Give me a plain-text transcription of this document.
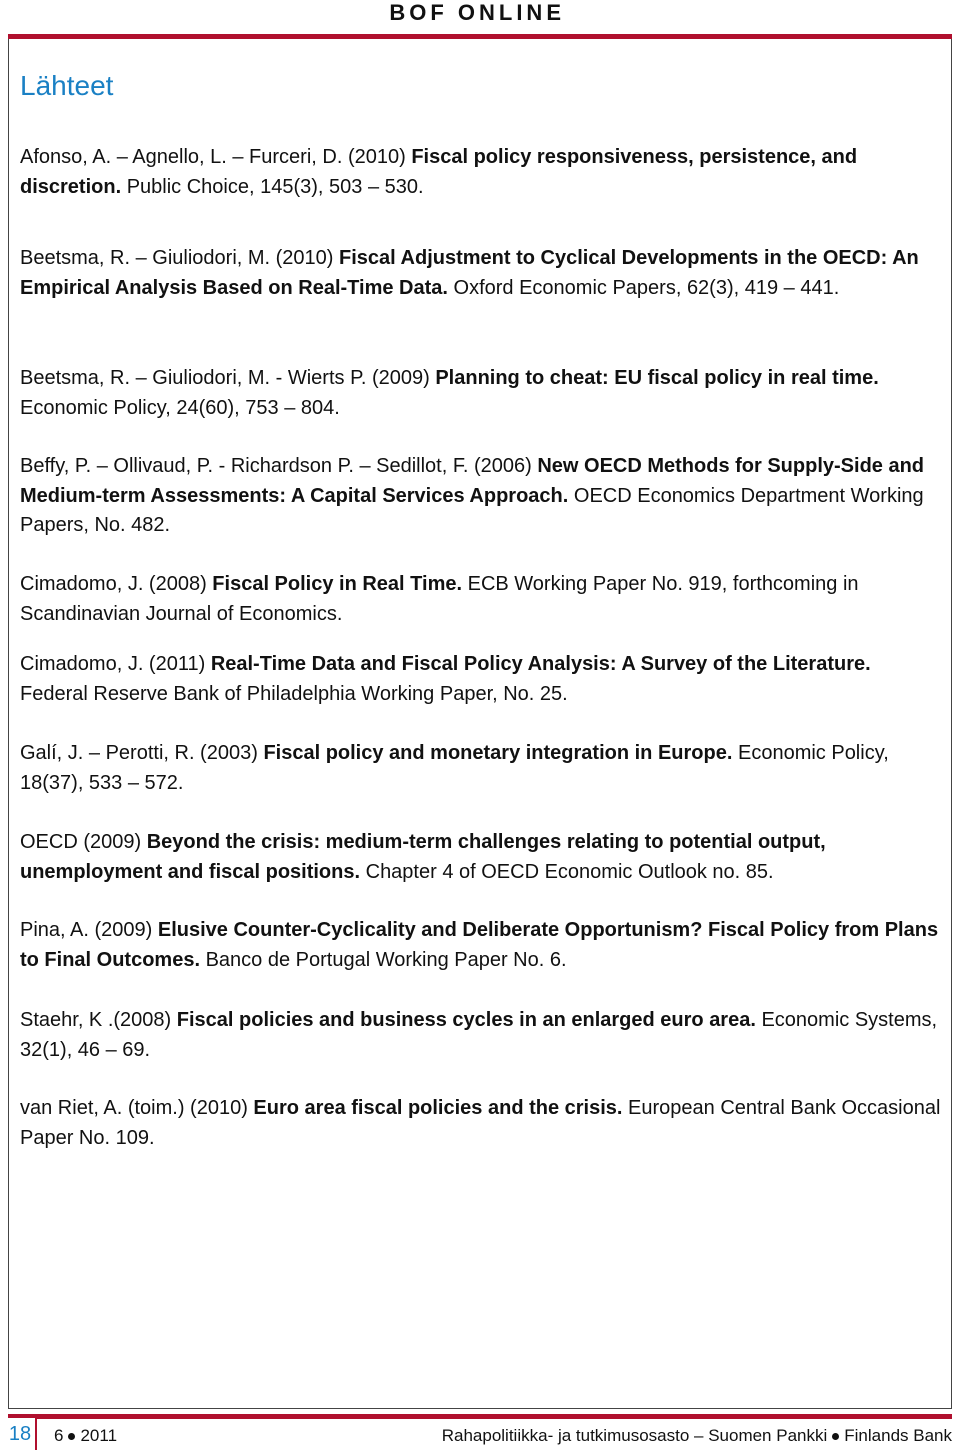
BOF ONLINE
Lähteet

Afonso, A. – Agnello, L. – Furceri, D. (2010) Fiscal policy responsiveness, persistence, and discretion. Public Choice, 145(3), 503 – 530.

Beetsma, R. – Giuliodori, M. (2010) Fiscal Adjustment to Cyclical Developments in the OECD: An Empirical Analysis Based on Real-Time Data. Oxford Economic Papers, 62(3), 419 – 441.

Beetsma, R. – Giuliodori, M. - Wierts P. (2009) Planning to cheat: EU fiscal policy in real time. Economic Policy, 24(60), 753 – 804.

Beffy, P. – Ollivaud, P. - Richardson P. – Sedillot, F. (2006) New OECD Methods for Supply-Side and Medium-term Assessments: A Capital Services Approach. OECD Economics Department Working Papers, No. 482.

Cimadomo, J. (2008) Fiscal Policy in Real Time. ECB Working Paper No. 919, forthcoming in Scandinavian Journal of Economics.

Cimadomo, J. (2011) Real-Time Data and Fiscal Policy Analysis: A Survey of the Literature. Federal Reserve Bank of Philadelphia Working Paper, No. 25.

Galí, J. – Perotti, R. (2003) Fiscal policy and monetary integration in Europe. Economic Policy, 18(37), 533 – 572.

OECD (2009) Beyond the crisis: medium-term challenges relating to potential output, unemployment and fiscal positions. Chapter 4 of OECD Economic Outlook no. 85.

Pina, A. (2009) Elusive Counter-Cyclicality and Deliberate Opportunism? Fiscal Policy from Plans to Final Outcomes. Banco de Portugal Working Paper No. 6.

Staehr, K .(2008) Fiscal policies and business cycles in an enlarged euro area. Economic Systems, 32(1), 46 – 69.

van Riet, A. (toim.) (2010) Euro area fiscal policies and the crisis. European Central Bank Occasional Paper No. 109.

18	6 2011	Rahapolitiikka- ja tutkimusosasto – Suomen Pankki Finlands Bank
